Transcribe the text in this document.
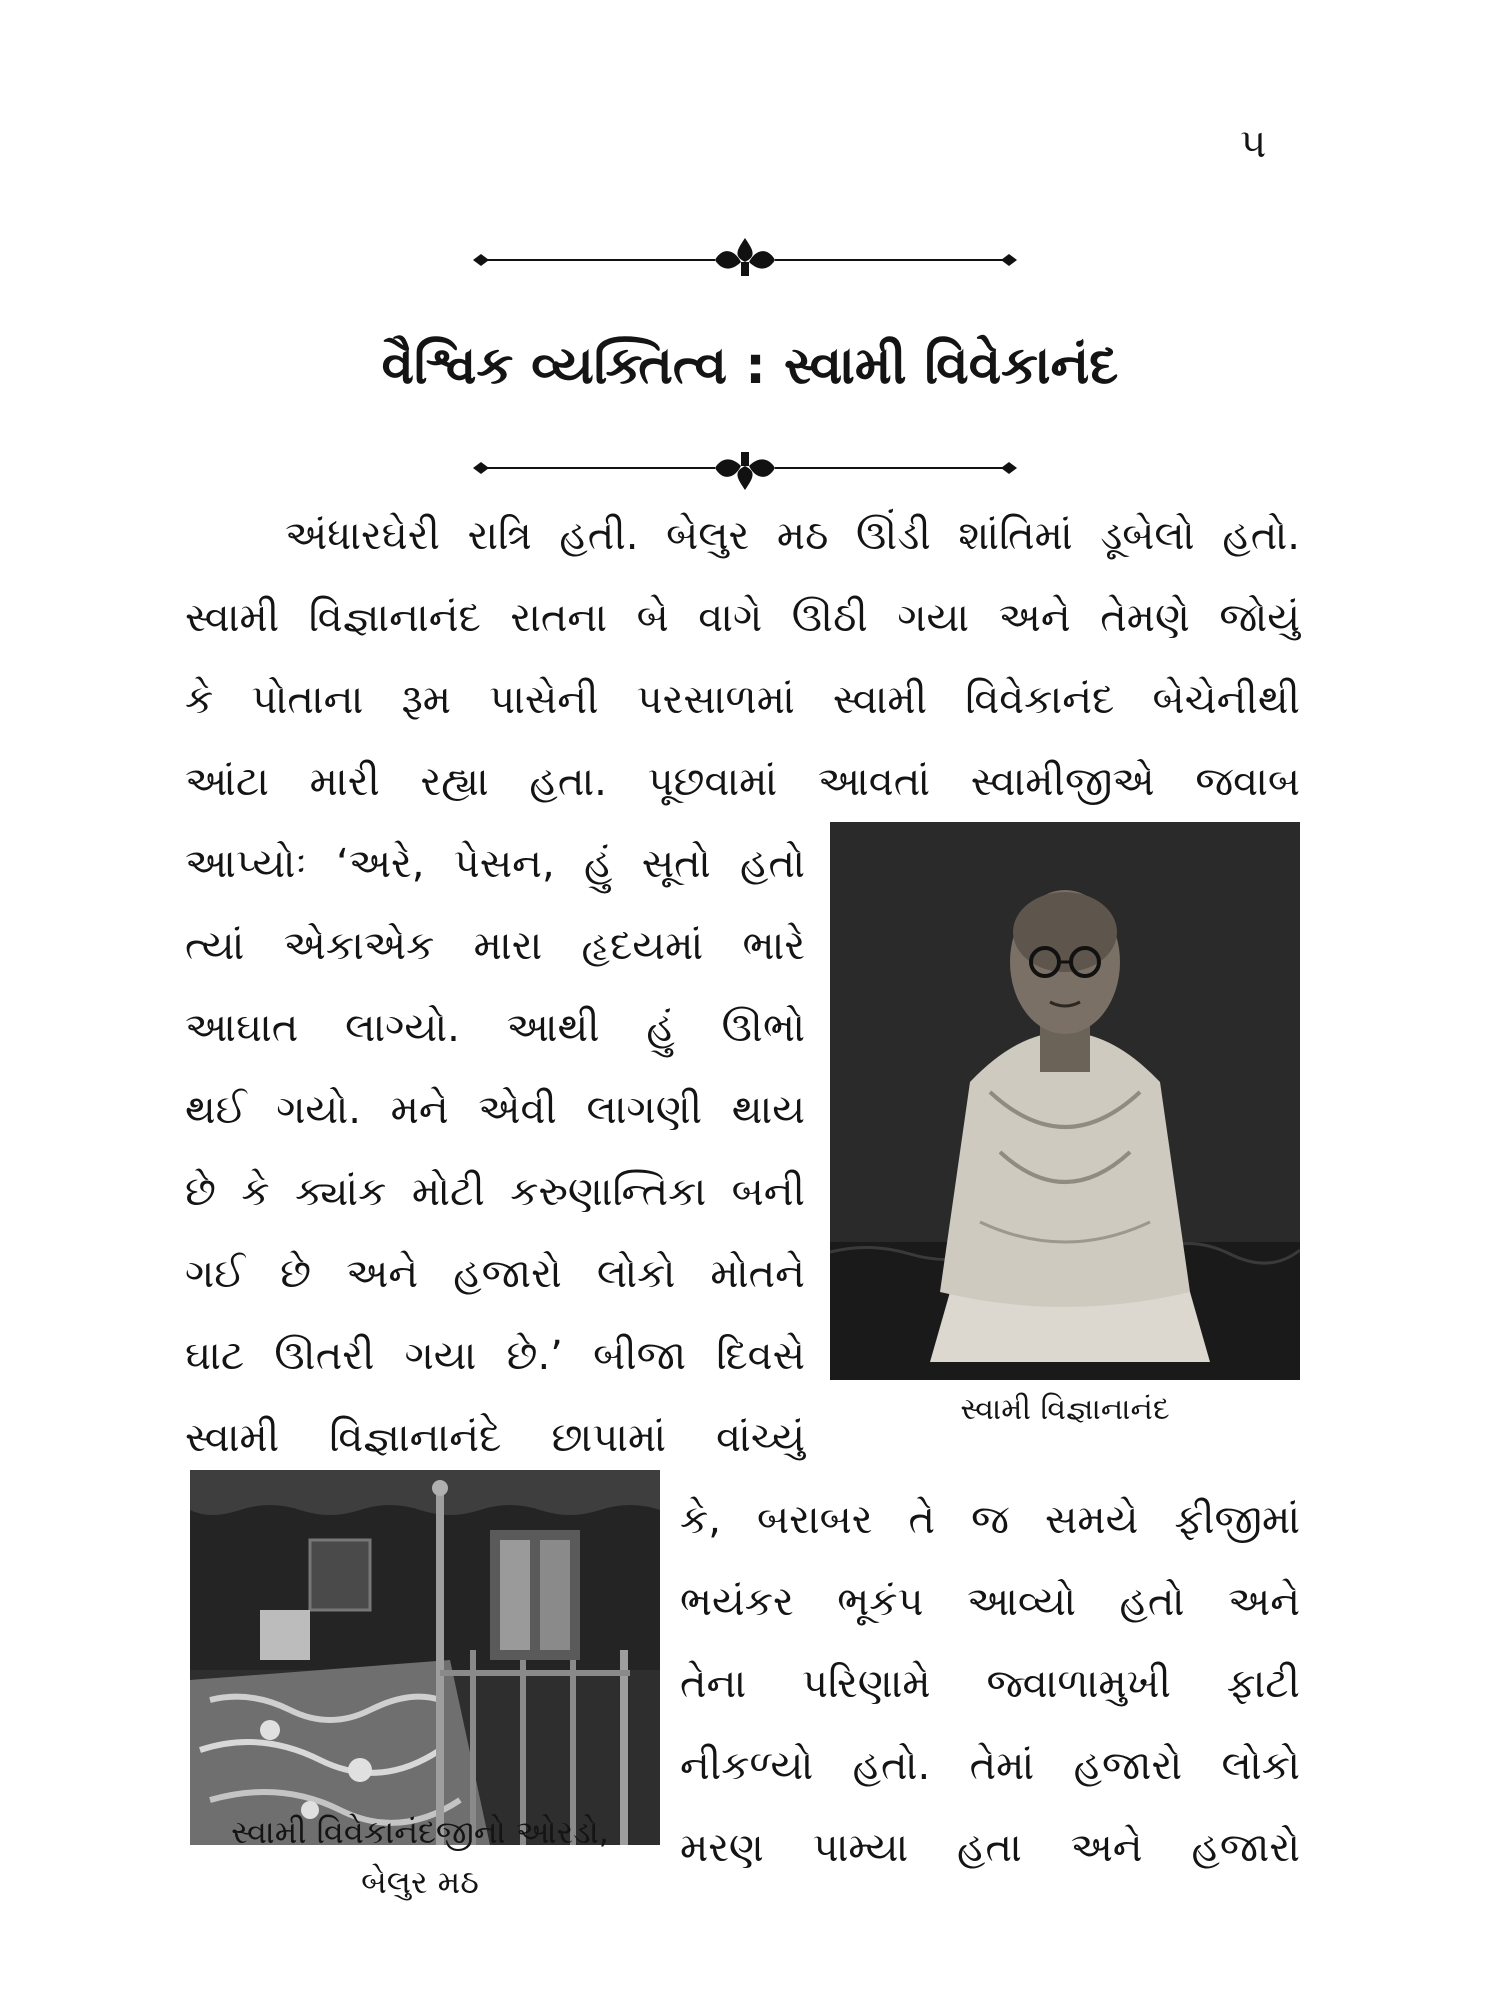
૫
વૈશ્વિક વ્યક્તિત્વ : સ્વામી વિવેકાનંદ
અંધારઘેરી રાત્રિ હતી. બેલુર મઠ ઊંડી શાંતિમાં ડૂબેલો હતો.
સ્વામી વિજ્ઞાનાનંદ રાતના બે વાગે ઊઠી ગયા અને તેમણે જોયું
કે પોતાના રૂમ પાસેની પરસાળમાં સ્વામી વિવેકાનંદ બેચેનીથી
આંટા મારી રહ્યા હતા. પૂછવામાં આવતાં સ્વામીજીએ જવાબ
આપ્યોઃ ‘અરે, પેસન, હું સૂતો હતો
ત્યાં એકાએક મારા હૃદયમાં ભારે
આઘાત લાગ્યો. આથી હું ઊભો
થઈ ગયો. મને એવી લાગણી થાય
છે કે ક્યાંક મોટી કરુણાન્તિકા બની
ગઈ છે અને હજારો લોકો મોતને
ઘાટ ઊતરી ગયા છે.’ બીજા દિવસે
સ્વામી વિજ્ઞાનાનંદે છાપામાં વાંચ્યું
સ્વામી વિજ્ઞાનાનંદ
કે, બરાબર તે જ સમયે ફીજીમાં
ભયંકર ભૂકંપ આવ્યો હતો અને
તેના પરિણામે જ્વાળામુખી ફાટી
નીકળ્યો હતો. તેમાં હજારો લોકો
મરણ પામ્યા હતા અને હજારો
સ્વામી વિવેકાનંદજીનો ઓરડો,
બેલુર મઠ
